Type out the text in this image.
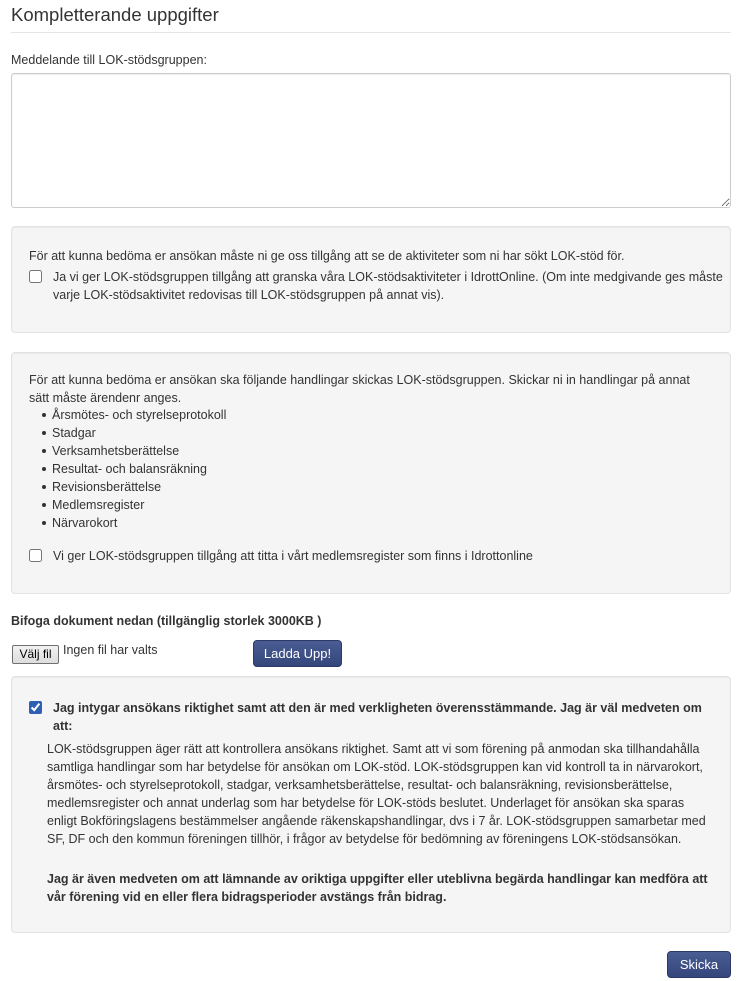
Kompletterande uppgifter
Meddelande till LOK-stödsgruppen:
För att kunna bedöma er ansökan måste ni ge oss tillgång att se de aktiviteter som ni har sökt LOK-stöd för.
Ja vi ger LOK-stödsgruppen tillgång att granska våra LOK-stödsaktiviteter i IdrottOnline. (Om inte medgivande ges måste varje LOK-stödsaktivitet redovisas till LOK-stödsgruppen på annat vis).
För att kunna bedöma er ansökan ska följande handlingar skickas LOK-stödsgruppen. Skickar ni in handlingar på annat sätt måste ärendenr anges.
Årsmötes- och styrelseprotokoll
Stadgar
Verksamhetsberättelse
Resultat- och balansräkning
Revisionsberättelse
Medlemsregister
Närvarokort
Vi ger LOK-stödsgruppen tillgång att titta i vårt medlemsregister som finns i Idrottonline
Bifoga dokument nedan (tillgänglig storlek 3000KB )
Välj fil Ingen fil har valts	Ladda Upp!
Jag intygar ansökans riktighet samt att den är med verkligheten överensstämmande. Jag är väl medveten om att:
LOK-stödsgruppen äger rätt att kontrollera ansökans riktighet. Samt att vi som förening på anmodan ska tillhandahålla samtliga handlingar som har betydelse för ansökan om LOK-stöd. LOK-stödsgruppen kan vid kontroll ta in närvarokort, årsmötes- och styrelseprotokoll, stadgar, verksamhetsberättelse, resultat- och balansräkning, revisionsberättelse, medlemsregister och annat underlag som har betydelse för LOK-stöds beslutet. Underlaget för ansökan ska sparas enligt Bokföringslagens bestämmelser angående räkenskapshandlingar, dvs i 7 år. LOK-stödsgruppen samarbetar med SF, DF och den kommun föreningen tillhör, i frågor av betydelse för bedömning av föreningens LOK-stödsansökan.
Jag är även medveten om att lämnande av oriktiga uppgifter eller uteblivna begärda handlingar kan medföra att vår förening vid en eller flera bidragsperioder avstängs från bidrag.
Skicka
